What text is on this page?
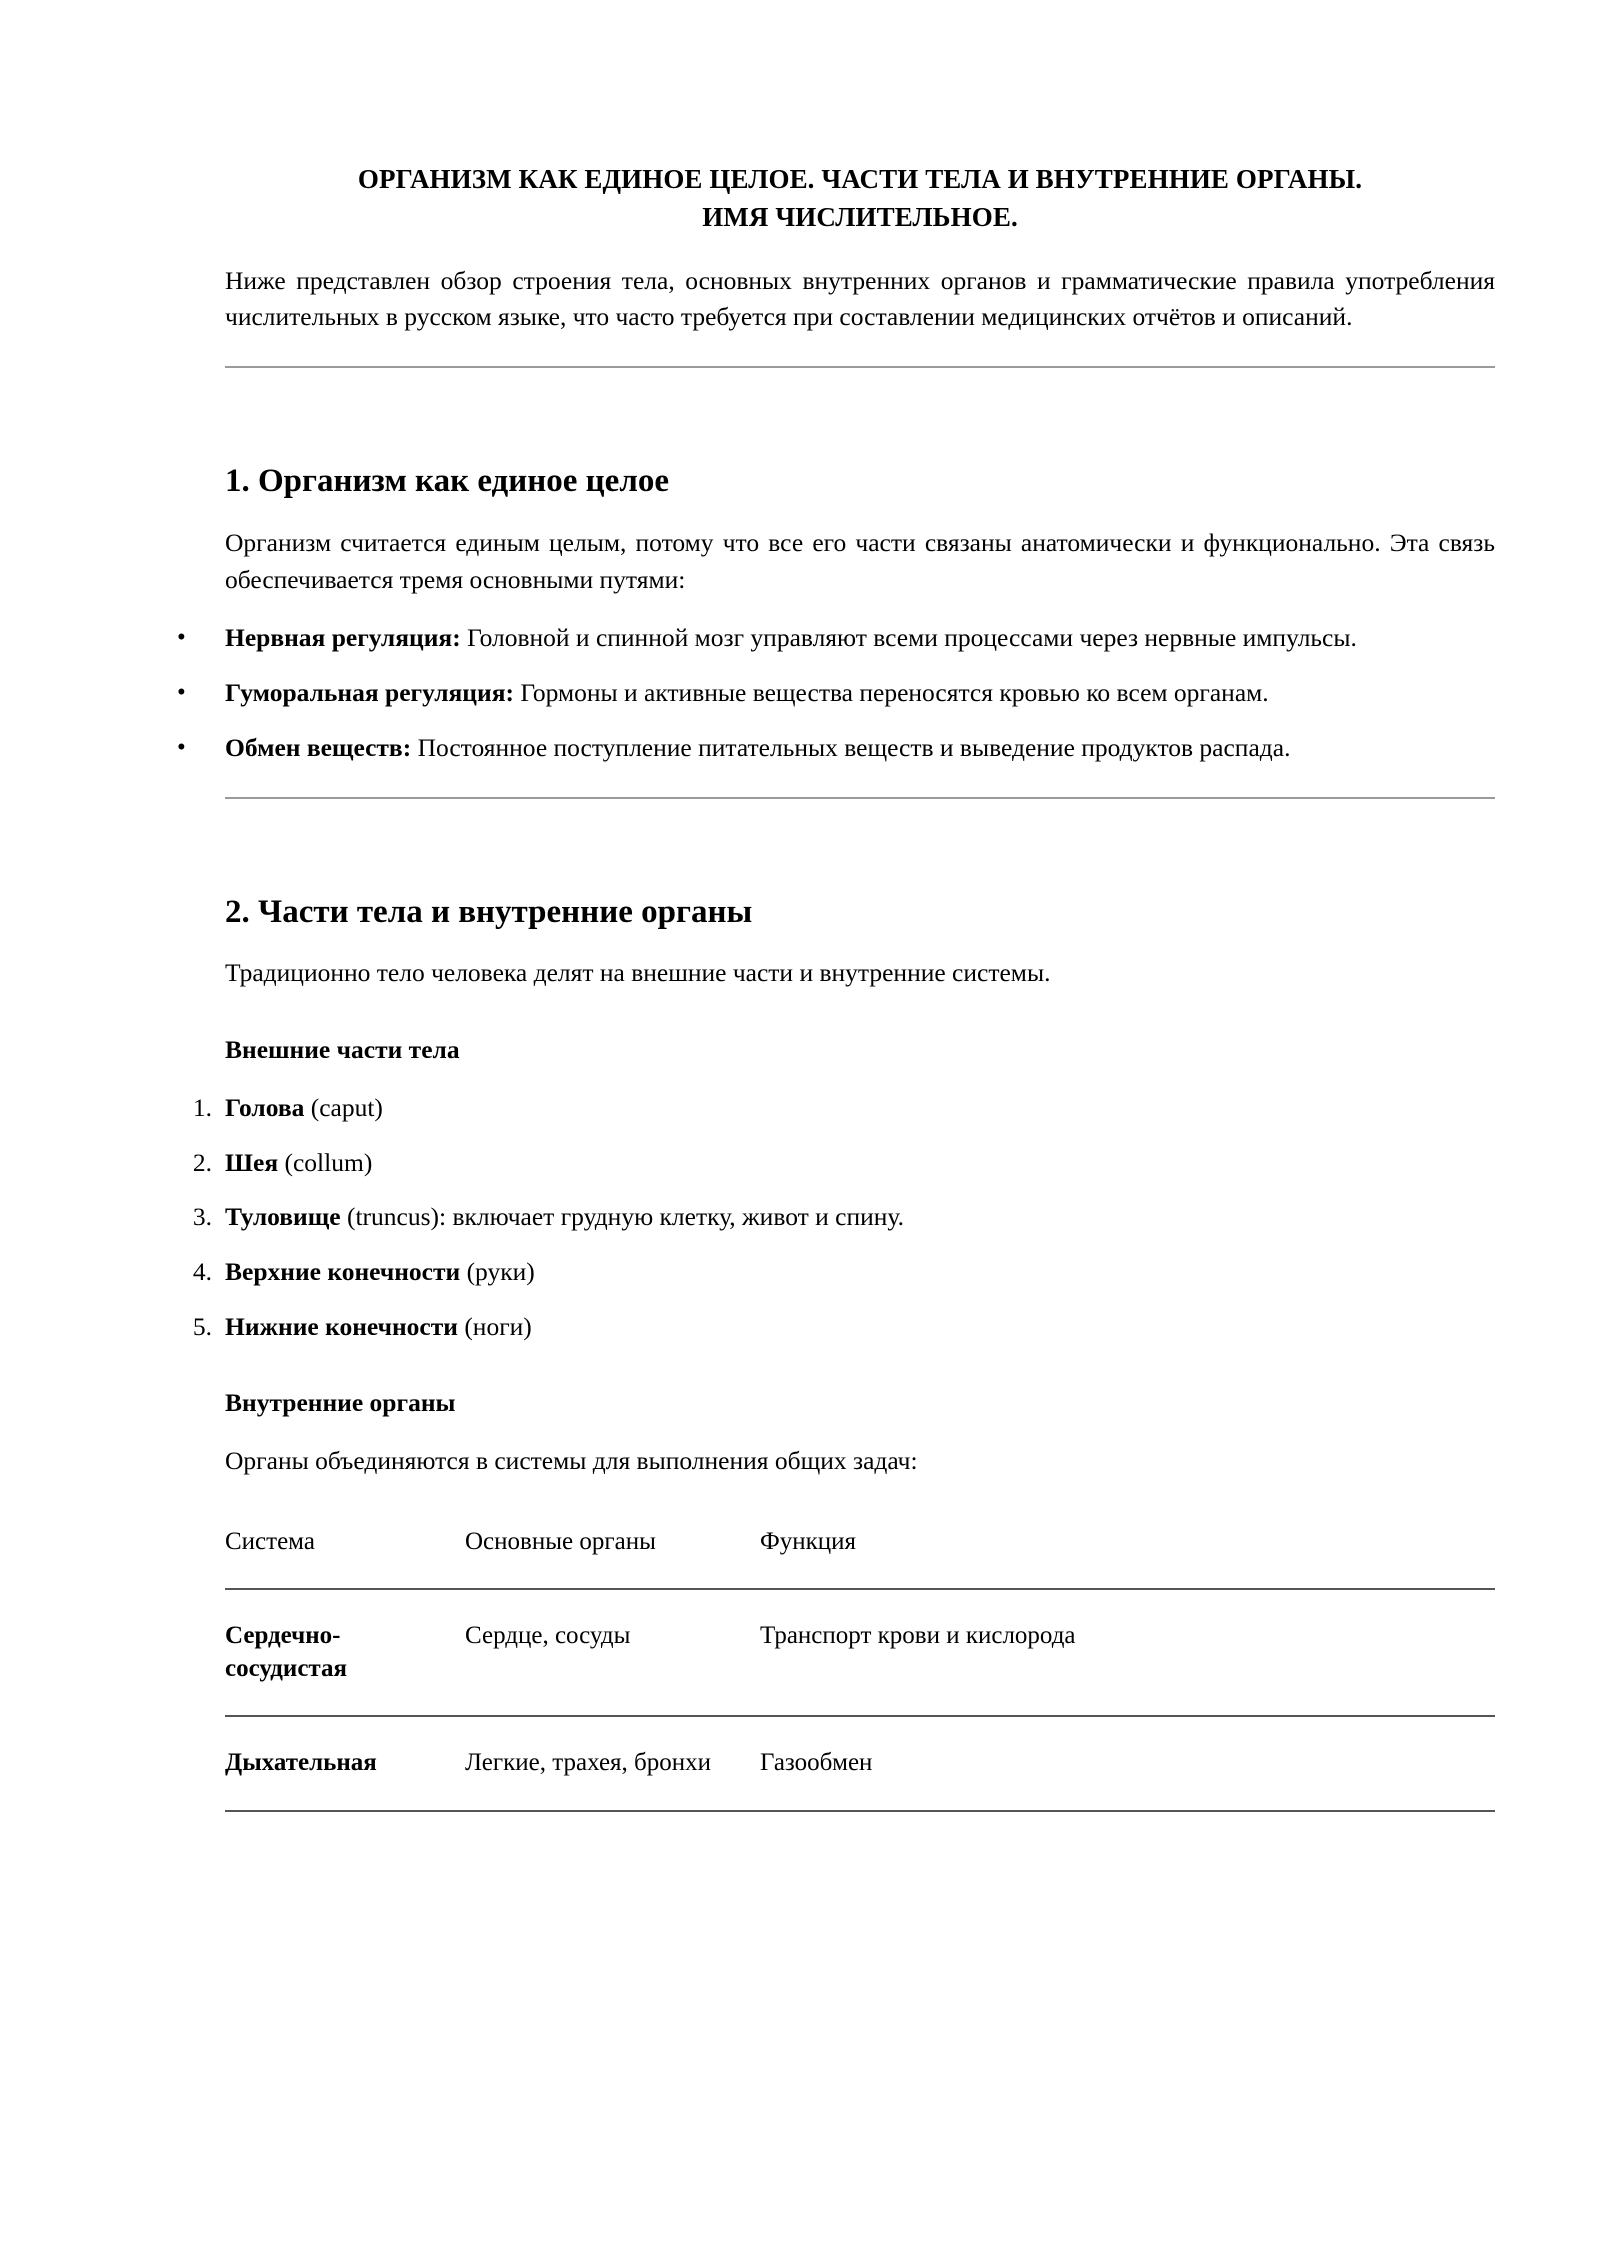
ОРГАНИЗМ КАК ЕДИНОЕ ЦЕЛОЕ. ЧАСТИ ТЕЛА И ВНУТРЕННИЕ ОРГАНЫ.
ИМЯ ЧИСЛИТЕЛЬНОЕ.

Ниже представлен обзор строения тела, основных внутренних органов и грамматические правила употребления числительных в русском языке, что часто требуется при составлении медицинских отчётов и описаний.

1. Организм как единое целое

Организм считается единым целым, потому что все его части связаны анатомически и функционально. Эта связь обеспечивается тремя основными путями:

• Нервная регуляция: Головной и спинной мозг управляют всеми процессами через нервные импульсы.
• Гуморальная регуляция: Гормоны и активные вещества переносятся кровью ко всем органам.
• Обмен веществ: Постоянное поступление питательных веществ и выведение продуктов распада.
2. Части тела и внутренние органы

Традиционно тело человека делят на внешние части и внутренние системы.

Внешние части тела
1. Голова (caput)
2. Шея (collum)
3. Туловище (truncus): включает грудную клетку, живот и спину.
4. Верхние конечности (руки)
5. Нижние конечности (ноги)
Внутренние органы

Органы объединяются в системы для выполнения общих задач:

Система	Основные органы	Функция
Сердечно-сосудистая	Сердце, сосуды	Транспорт крови и кислорода
Дыхательная	Легкие, трахея, бронхи	Газообмен
